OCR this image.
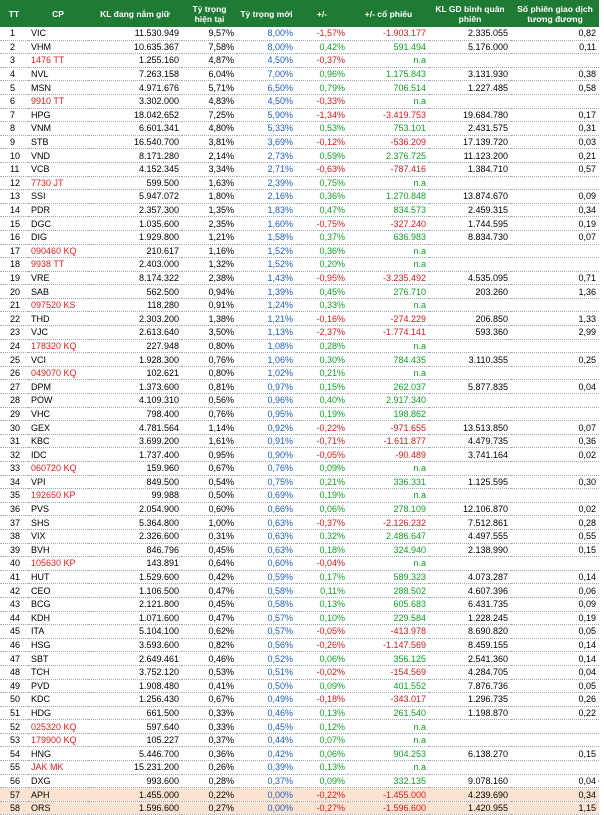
TT	CP	KL đang nắm giữ	Tỷ trọng hiện tại	Tỷ trọng mới	+/-	+/- cổ phiếu	KL GD bình quân phiên	Số phiên giao dịch tương đương
1	VIC	11.530.949	9,57%	8,00%	-1,57%	-1.903.177	2.335.055	0,82
2	VHM	10.635.367	7,58%	8,00%	0,42%	591.494	5.176.000	0,11
3	1476 TT	1.255.160	4,87%	4,50%	-0,37%	n.a		
4	NVL	7.263.158	6,04%	7,00%	0,96%	1.175.843	3.131.930	0,38
5	MSN	4.971.676	5,71%	6,50%	0,79%	706.514	1.227.485	0,58
6	9910 TT	3.302.000	4,83%	4,50%	-0,33%	n.a		
7	HPG	18.042.652	7,25%	5,90%	-1,34%	-3.419.753	19.684.780	0,17
8	VNM	6.601.341	4,80%	5,33%	0,53%	753.101	2.431.575	0,31
9	STB	16.540.700	3,81%	3,69%	-0,12%	-536.209	17.139.720	0,03
10	VND	8.171.280	2,14%	2,73%	0,59%	2.376.725	11.123.200	0,21
11	VCB	4.152.345	3,34%	2,71%	-0,63%	-787.416	1.384.710	0,57
12	7730 JT	599.500	1,63%	2,39%	0,75%	n.a		
13	SSI	5.947.072	1,80%	2,16%	0,36%	1.270.848	13.874.670	0,09
14	PDR	2.357.300	1,35%	1,83%	0,47%	834.573	2.459.315	0,34
15	DGC	1.035.600	2,35%	1,60%	-0,75%	-327.240	1.744.595	0,19
16	DIG	1.929.800	1,21%	1,58%	0,37%	636.983	8.834.730	0,07
17	090460 KQ	210.617	1,16%	1,52%	0,36%	n.a		
18	9938 TT	2.403.000	1,32%	1,52%	0,20%	n.a		
19	VRE	8.174.322	2,38%	1,43%	-0,95%	-3.235.492	4.535.095	0,71
20	SAB	562.500	0,94%	1,39%	0,45%	276.710	203.260	1,36
21	097520 KS	118.280	0,91%	1,24%	0,33%	n.a		
22	THD	2.303.200	1,38%	1,21%	-0,16%	-274.229	206.850	1,33
23	VJC	2.613.640	3,50%	1,13%	-2,37%	-1.774.141	593.360	2,99
24	178320 KQ	227.948	0,80%	1,08%	0,28%	n.a		
25	VCI	1.928.300	0,76%	1,06%	0,30%	784.435	3.110.355	0,25
26	049070 KQ	102.621	0,80%	1,02%	0,21%	n.a		
27	DPM	1.373.600	0,81%	0,97%	0,15%	262.037	5.877.835	0,04
28	POW	4.109.310	0,56%	0,96%	0,40%	2.917.340		
29	VHC	798.400	0,76%	0,95%	0,19%	198.862		
30	GEX	4.781.564	1,14%	0,92%	-0,22%	-971.655	13.513.850	0,07
31	KBC	3.699.200	1,61%	0,91%	-0,71%	-1.611.877	4.479.735	0,36
32	IDC	1.737.400	0,95%	0,90%	-0,05%	-90.489	3.741.164	0,02
33	060720 KQ	159.960	0,67%	0,76%	0,09%	n.a		
34	VPI	849.500	0,54%	0,75%	0,21%	336.331	1.125.595	0,30
35	192650 KP	99.988	0,50%	0,69%	0,19%	n.a		
36	PVS	2.054.900	0,60%	0,66%	0,06%	278.109	12.106.870	0,02
37	SHS	5.364.800	1,00%	0,63%	-0,37%	-2.126.232	7.512.861	0,28
38	VIX	2.326.600	0,31%	0,63%	0,32%	2.486.647	4.497.555	0,55
39	BVH	846.796	0,45%	0,63%	0,18%	324.940	2.138.990	0,15
40	105630 KP	143.891	0,64%	0,60%	-0,04%	n.a		
41	HUT	1.529.600	0,42%	0,59%	0,17%	589.323	4.073.287	0,14
42	CEO	1.106.500	0,47%	0,58%	0,11%	288.502	4.607.396	0,06
43	BCG	2.121.800	0,45%	0,58%	0,13%	605.683	6.431.735	0,09
44	KDH	1.071.600	0,47%	0,57%	0,10%	229.584	1.228.245	0,19
45	ITA	5.104.100	0,62%	0,57%	-0,05%	-413.978	8.690.820	0,05
46	HSG	3.593.600	0,82%	0,56%	-0,26%	-1.147.569	8.459.155	0,14
47	SBT	2.649.461	0,46%	0,52%	0,06%	356.125	2.541.360	0,14
48	TCH	3.752.120	0,53%	0,51%	-0,02%	-154.569	4.284.705	0,04
49	PVD	1.908.480	0,41%	0,50%	0,09%	401.552	7.876.736	0,05
50	KDC	1.256.430	0,67%	0,49%	-0,18%	-343.017	1.296.735	0,26
51	HDG	661.500	0,33%	0,46%	0,13%	261.540	1.198.870	0,22
52	025320 KQ	597.640	0,33%	0,45%	0,12%	n.a		
53	179900 KQ	105.227	0,37%	0,44%	0,07%	n.a		
54	HNG	5.446.700	0,36%	0,42%	0,06%	904.253	6.138.270	0,15
55	JAK MK	15.231.200	0,26%	0,39%	0,13%	n.a		
56	DXG	993.600	0,28%	0,37%	0,09%	332.135	9.078.160	0,04
57	APH	1.455.000	0,22%	0,00%	-0,22%	-1.455.000	4.239.690	0,34
58	ORS	1.596.600	0,27%	0,00%	-0,27%	-1.596.600	1.420.955	1,15
’
